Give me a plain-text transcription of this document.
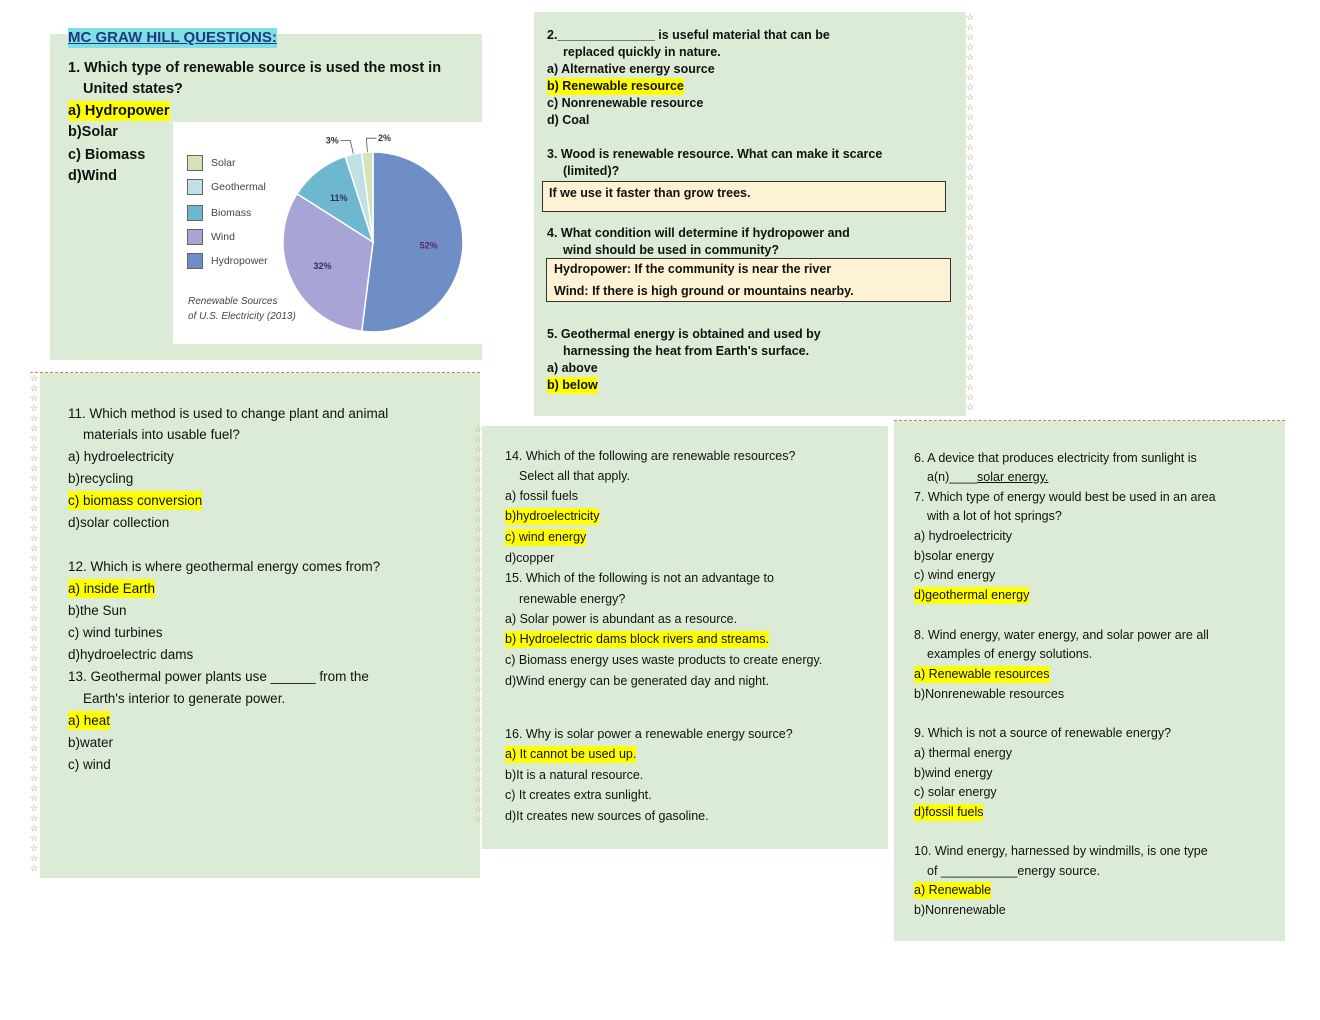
MC GRAW HILL QUESTIONS:
1. Which type of renewable source is used the most in
United states?
a) Hydropower
b)Solar
c) Biomass
d)Wind
Solar
Geothermal
Biomass
Wind
Hydropower
Renewable Sources
of U.S. Electricity (2013)
52%
32%
11%
3%	2%
2.______________ is useful material that can be
replaced quickly in nature.
a) Alternative energy source
b) Renewable resource
c) Nonrenewable resource
d) Coal
3. Wood is renewable resource. What can make it scarce
(limited)?
If we use it faster than grow trees.
4. What condition will determine if hydropower and
wind should be used in community?
Hydropower: If the community is near the river
Wind: If there is high ground or mountains nearby.
5. Geothermal energy is obtained and used by
harnessing the heat from Earth's surface.
a) above
b) below
☆
☆
☆
☆
☆
☆
☆
☆
☆
☆
☆
☆
☆
☆
☆
☆
☆
☆
☆
☆
☆
☆
☆
☆
☆
☆
☆
☆
☆
☆
☆
☆
☆
☆
☆
☆
☆
☆
☆
☆
☆
☆
☆
☆
☆
☆
☆
☆
☆
☆
☆
☆
☆
☆
☆
☆
☆
☆
☆
☆
☆
☆
☆
☆
☆
☆
☆
☆
☆
☆
☆
☆
☆
☆
☆
☆
☆
☆
☆
☆
☆
☆
☆
☆
☆
☆
☆
☆
☆
☆
11. Which method is used to change plant and animal
materials into usable fuel?
a) hydroelectricity
b)recycling
c) biomass conversion
d)solar collection
12. Which is where geothermal energy comes from?
a) inside Earth
b)the Sun
c) wind turbines
d)hydroelectric dams
13. Geothermal power plants use ______ from the
Earth's interior to generate power.
a) heat
b)water
c) wind
☆
☆
☆
☆
☆
☆
☆
☆
☆
☆
☆
☆
☆
☆
☆
☆
☆
☆
☆
☆
☆
☆
☆
☆
☆
☆
☆
☆
☆
☆
☆
☆
☆
☆
☆
☆
☆
☆
☆
☆
14. Which of the following are renewable resources?
Select all that apply.
a) fossil fuels
b)hydroelectricity
c) wind energy
d)copper
15. Which of the following is not an advantage to
renewable energy?
a) Solar power is abundant as a resource.
b) Hydroelectric dams block rivers and streams.
c) Biomass energy uses waste products to create energy.
d)Wind energy can be generated day and night.
16. Why is solar power a renewable energy source?
a) It cannot be used up.
b)It is a natural resource.
c) It creates extra sunlight.
d)It creates new sources of gasoline.
6. A device that produces electricity from sunlight is
a(n)____solar energy.
7. Which type of energy would best be used in an area
with a lot of hot springs?
a) hydroelectricity
b)solar energy
c) wind energy
d)geothermal energy
8. Wind energy, water energy, and solar power are all
examples of energy solutions.
a) Renewable resources
b)Nonrenewable resources
9. Which is not a source of renewable energy?
a) thermal energy
b)wind energy
c) solar energy
d)fossil fuels
10. Wind energy, harnessed by windmills, is one type
of ___________energy source.
a) Renewable
b)Nonrenewable
